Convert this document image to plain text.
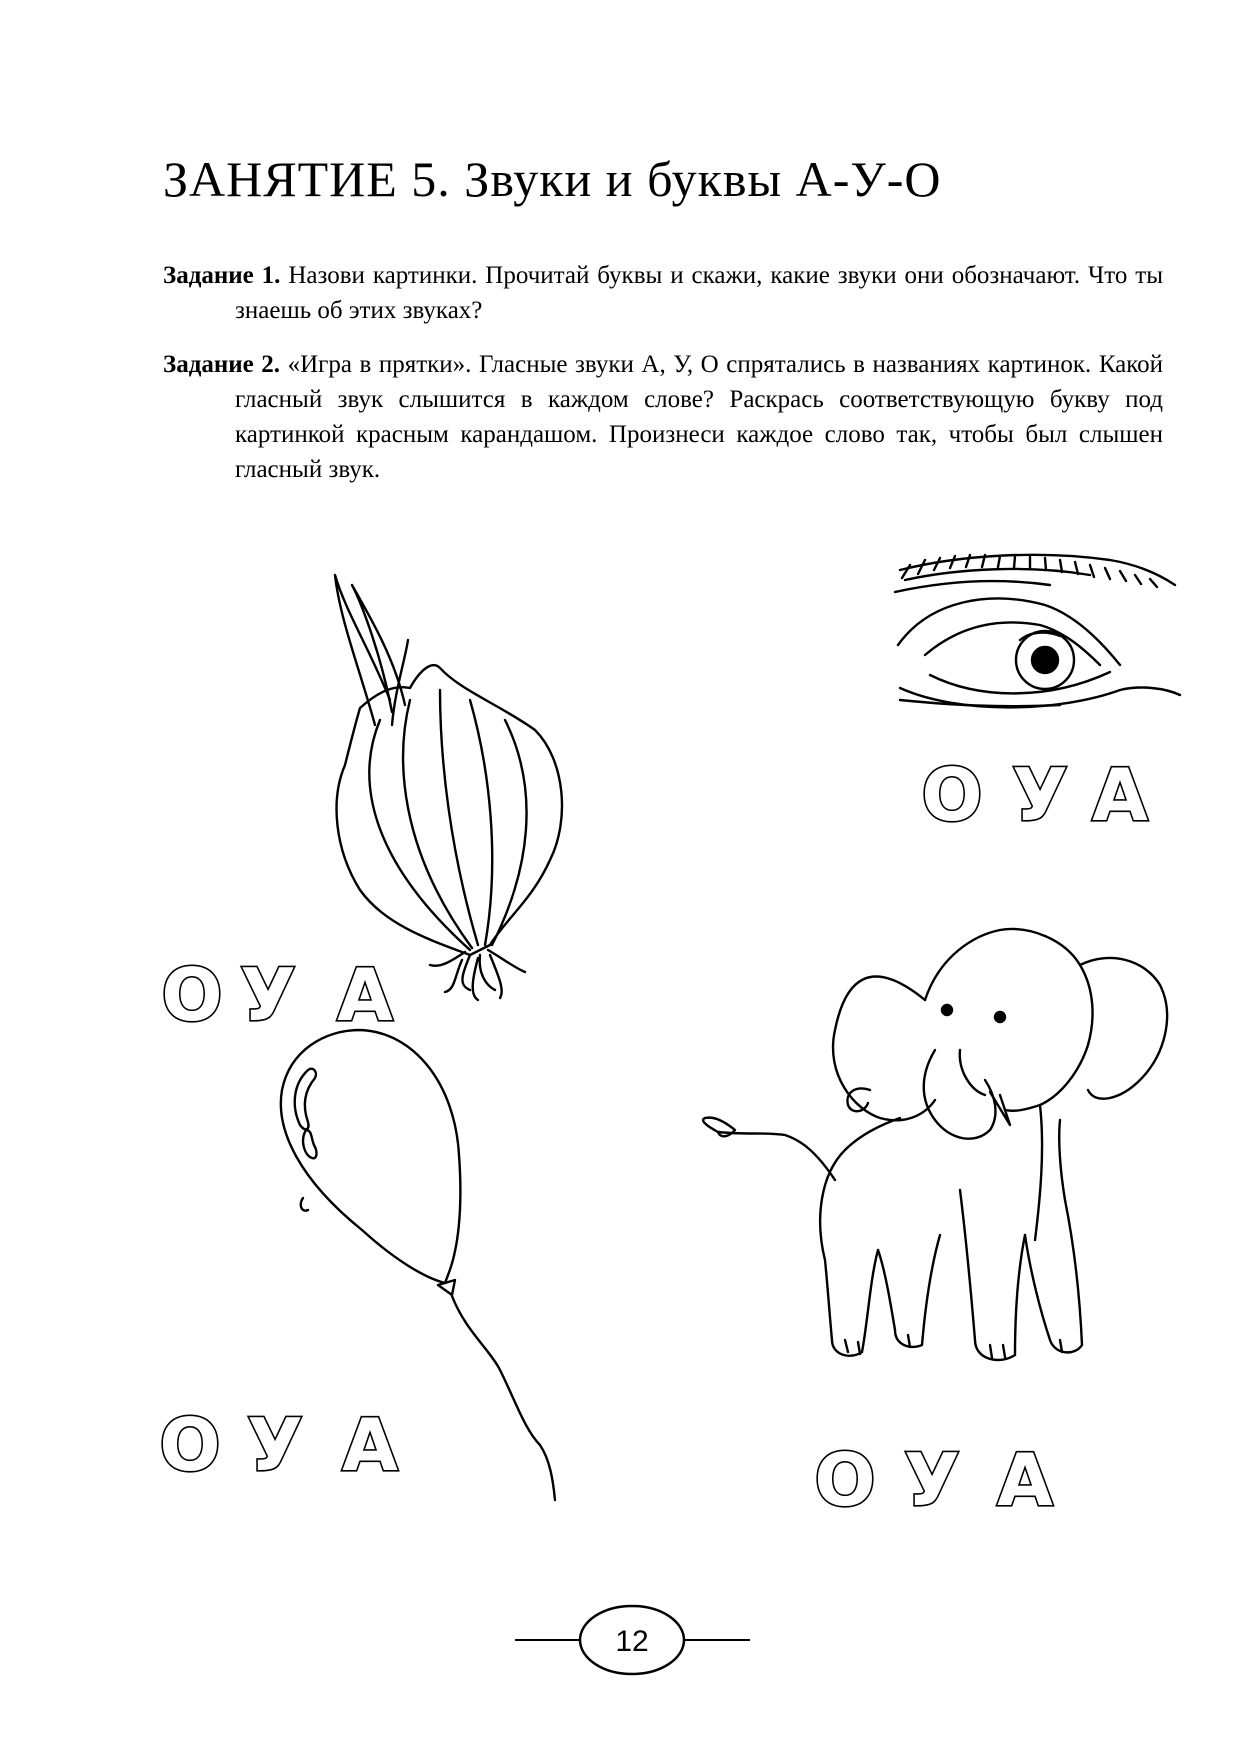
ЗАНЯТИЕ 5. Звуки и буквы А-У-О
Задание 1. Назови картинки. Прочитай буквы и скажи, какие звуки они обозначают. Что ты знаешь об этих звуках?
Задание 2. «Игра в прятки». Гласные звуки А, У, О спрятались в названиях картинок. Какой гласный звук слышится в каждом слове? Раскрась соответствующую букву под картинкой красным карандашом. Произнеси каждое слово так, чтобы был слышен гласный звук.
О У А
О У А
О У А	О У А
12
